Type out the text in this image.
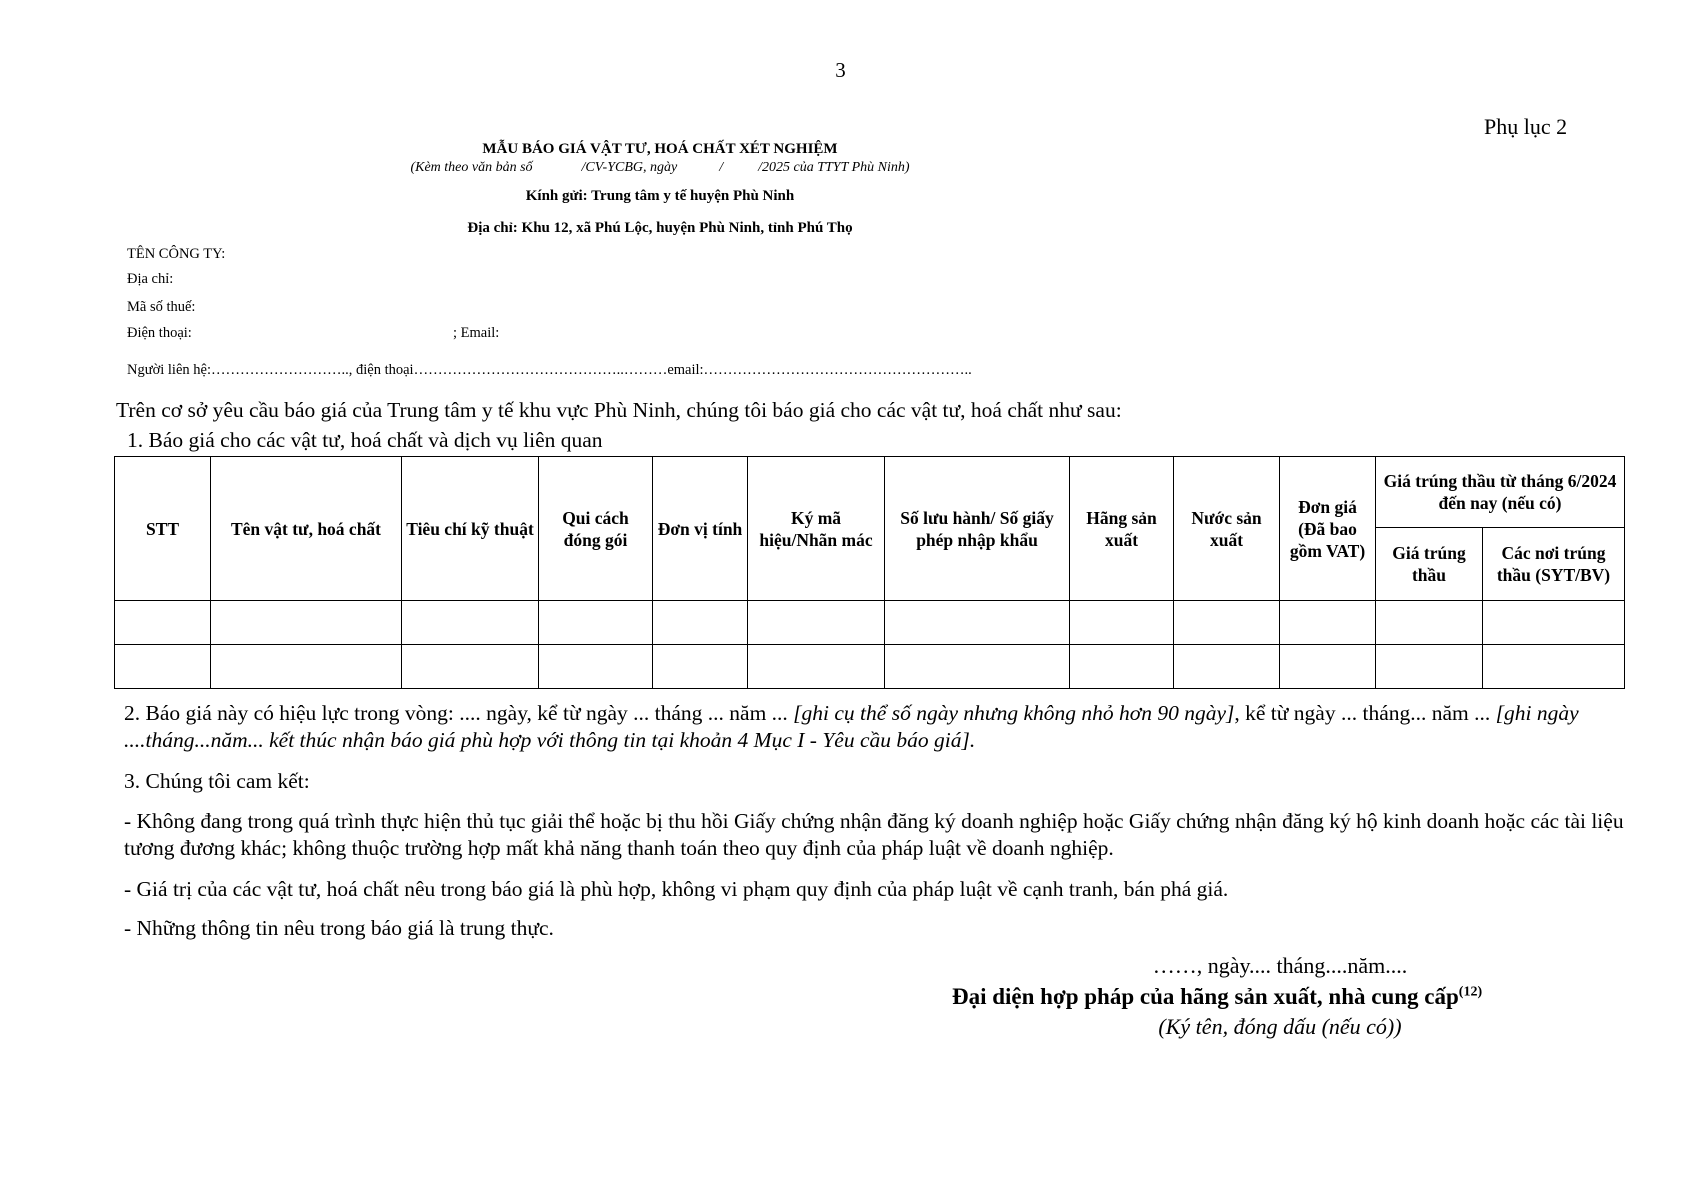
3
Phụ lục 2
MẪU BÁO GIÁ VẬT TƯ, HOÁ CHẤT XÉT NGHIỆM
(Kèm theo văn bản số              /CV-YCBG, ngày            /          /2025 của TTYT Phù Ninh)
Kính gửi: Trung tâm y tế huyện Phù Ninh
Địa chỉ: Khu 12, xã Phú Lộc, huyện Phù Ninh, tỉnh Phú Thọ
TÊN CÔNG TY:
Địa chỉ:
Mã số thuế:
Điện thoại:	; Email:
Người liên hệ:……………………….., điện thoại……………………………………..………email:………………………………………………..
Trên cơ sở yêu cầu báo giá của Trung tâm y tế khu vực Phù Ninh, chúng tôi báo giá cho các vật tư, hoá chất như sau:
1. Báo giá cho các vật tư, hoá chất và dịch vụ liên quan
STT	Tên vật tư, hoá chất	Tiêu chí kỹ thuật	Qui cách đóng gói	Đơn vị tính	Ký mã hiệu/Nhãn mác	Số lưu hành/ Số giấy phép nhập khẩu	Hãng sản xuất	Nước sản xuất	Đơn giá (Đã bao gồm VAT)	Giá trúng thầu từ tháng 6/2024 đến nay (nếu có)	
										Giá trúng thầu	Các nơi trúng thầu (SYT/BV)

2. Báo giá này có hiệu lực trong vòng: .... ngày, kể từ ngày ... tháng ... năm ... [ghi cụ thể số ngày nhưng không nhỏ hơn 90 ngày], kể từ ngày ... tháng... năm ... [ghi ngày ....tháng...năm... kết thúc nhận báo giá phù hợp với thông tin tại khoản 4 Mục I - Yêu cầu báo giá].
3. Chúng tôi cam kết:
- Không đang trong quá trình thực hiện thủ tục giải thể hoặc bị thu hồi Giấy chứng nhận đăng ký doanh nghiệp hoặc Giấy chứng nhận đăng ký hộ kinh doanh hoặc các tài liệu tương đương khác; không thuộc trường hợp mất khả năng thanh toán theo quy định của pháp luật về doanh nghiệp.
- Giá trị của các vật tư, hoá chất nêu trong báo giá là phù hợp, không vi phạm quy định của pháp luật về cạnh tranh, bán phá giá.
- Những thông tin nêu trong báo giá là trung thực.
……, ngày.... tháng....năm....
Đại diện hợp pháp của hãng sản xuất, nhà cung cấp$^{(12)}$
(Ký tên, đóng dấu (nếu có))
